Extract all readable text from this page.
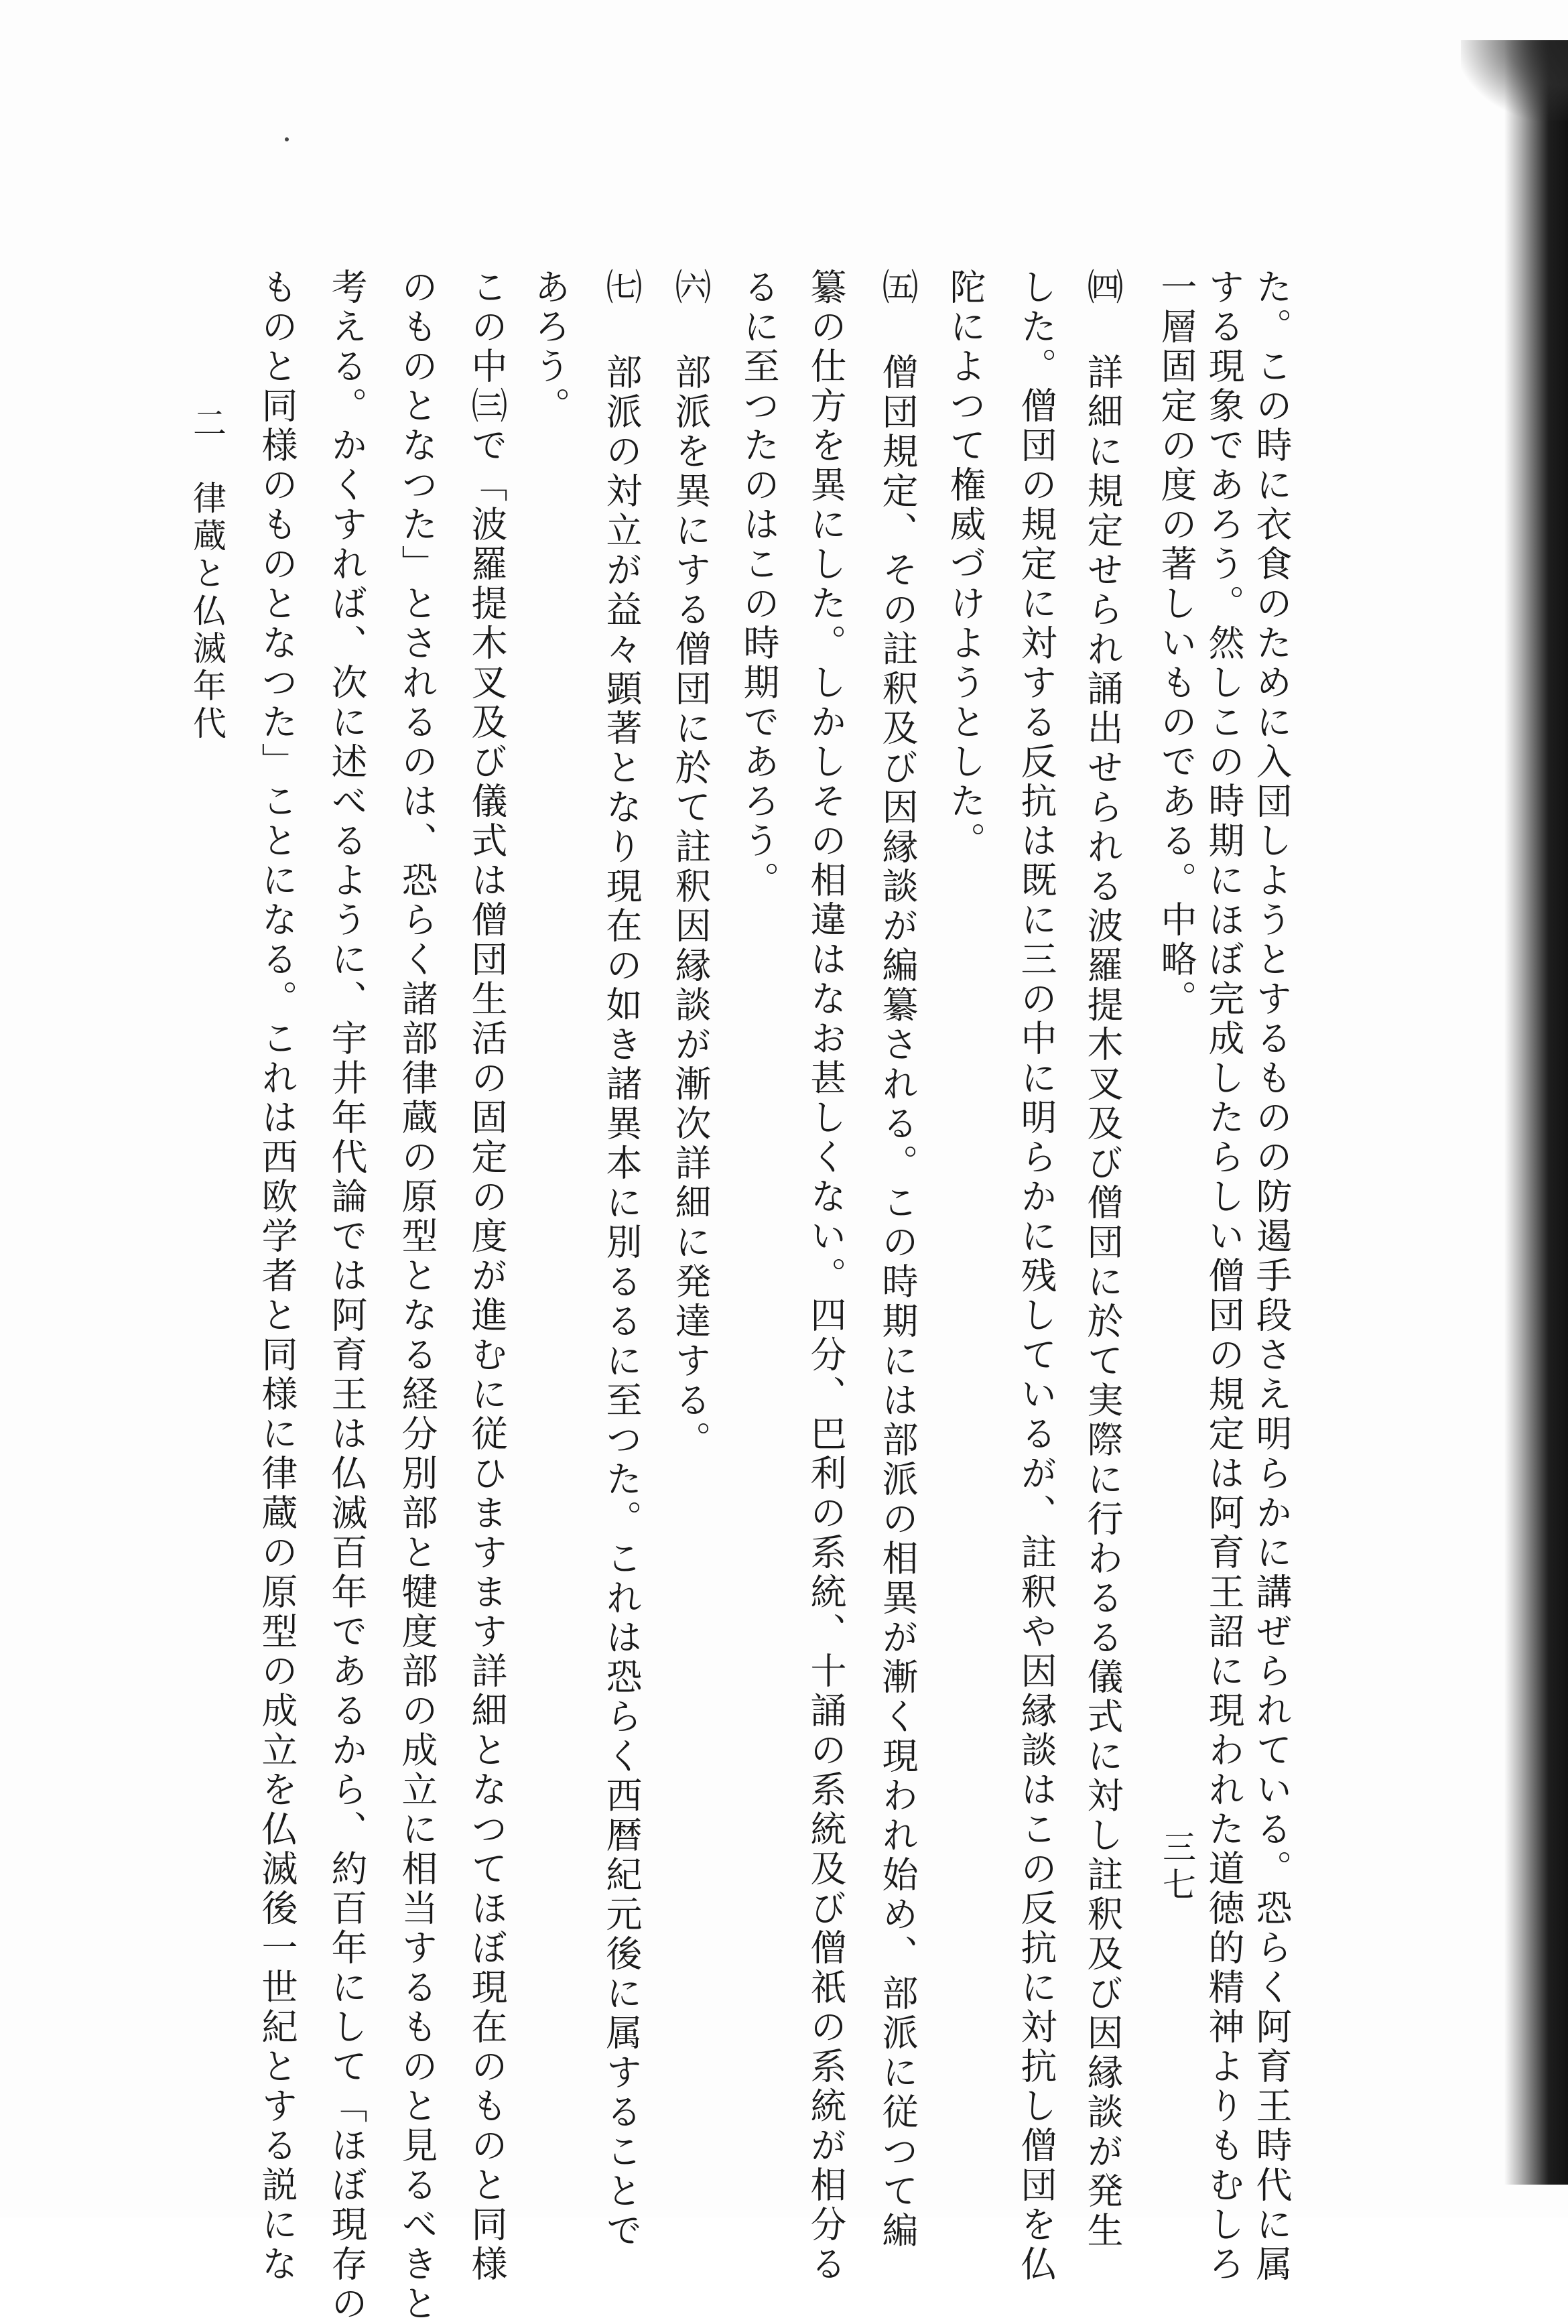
た。この時に衣食のために入団しようとするものの防遏手段さえ明らかに講ぜられている。恐らく阿育王時代に属
する現象であろう。然しこの時期にほぼ完成したらしい僧団の規定は阿育王詔に現われた道徳的精神よりもむしろ
一層固定の度の著しいものである。中略。
㈣ 詳細に規定せられ誦出せられる波羅提木叉及び僧団に於て実際に行わるる儀式に対し註釈及び因縁談が発生
した。僧団の規定に対する反抗は既に三の中に明らかに残しているが、註釈や因縁談はこの反抗に対抗し僧団を仏
陀によつて権威づけようとした。
㈤ 僧団規定、その註釈及び因縁談が編纂される。この時期には部派の相異が漸く現われ始め、部派に従つて編
纂の仕方を異にした。しかしその相違はなお甚しくない。四分、巴利の系統、十誦の系統及び僧祇の系統が相分る
るに至つたのはこの時期であろう。
㈥ 部派を異にする僧団に於て註釈因縁談が漸次詳細に発達する。
㈦ 部派の対立が益々顕著となり現在の如き諸異本に別るるに至つた。これは恐らく西暦紀元後に属することで
あろう。
この中㈢で「波羅提木叉及び儀式は僧団生活の固定の度が進むに従ひますます詳細となつてほぼ現在のものと同様
のものとなつた」とされるのは、恐らく諸部律蔵の原型となる経分別部と犍度部の成立に相当するものと見るべきと
考える。かくすれば、次に述べるように、宇井年代論では阿育王は仏滅百年であるから、約百年にして「ほぼ現存の
ものと同様のものとなつた」ことになる。これは西欧学者と同様に律蔵の原型の成立を仏滅後一世紀とする説にな
二　律蔵と仏滅年代
三七
